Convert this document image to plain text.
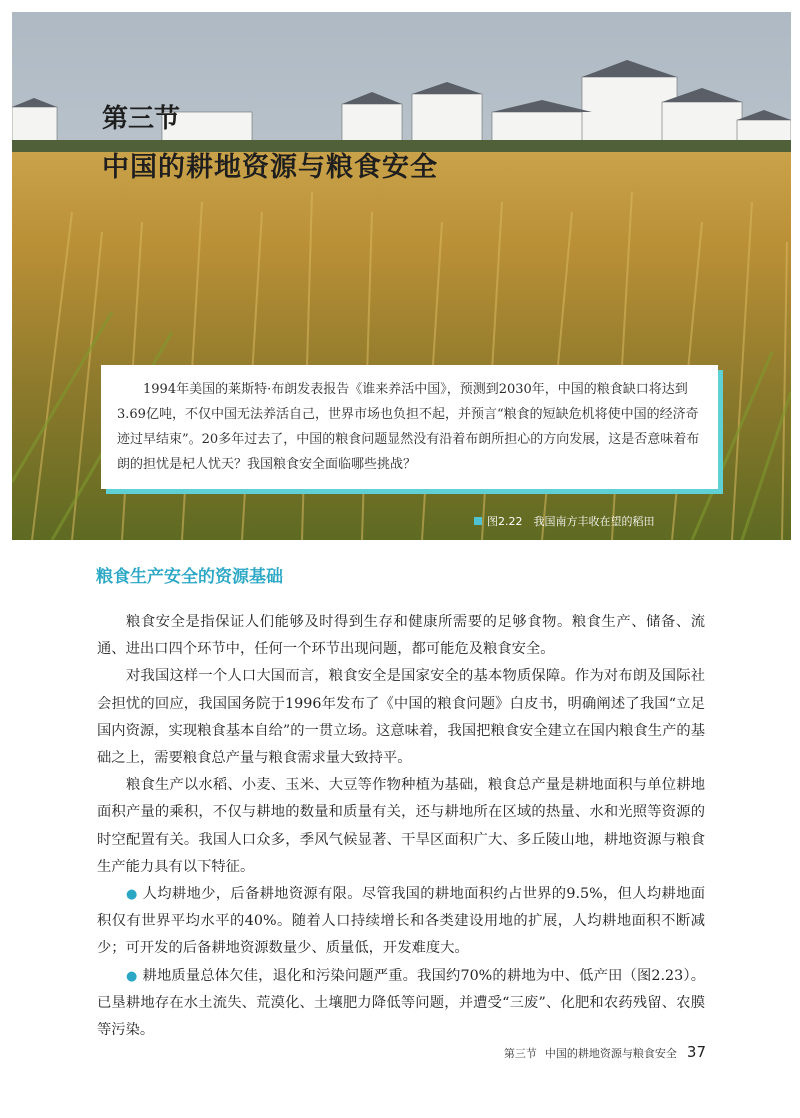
第三节
中国的耕地资源与粮食安全
1994年美国的莱斯特·布朗发表报告《谁来养活中国》，预测到2030年，中国的粮食缺口将达到3.69亿吨，不仅中国无法养活自己，世界市场也负担不起，并预言“粮食的短缺危机将使中国的经济奇迹过早结束”。20多年过去了，中国的粮食问题显然没有沿着布朗所担心的方向发展，这是否意味着布朗的担忧是杞人忧天？我国粮食安全面临哪些挑战？
图2.22　我国南方丰收在望的稻田
粮食生产安全的资源基础

粮食安全是指保证人们能够及时得到生存和健康所需要的足够食物。粮食生产、储备、流通、进出口四个环节中，任何一个环节出现问题，都可能危及粮食安全。

对我国这样一个人口大国而言，粮食安全是国家安全的基本物质保障。作为对布朗及国际社会担忧的回应，我国国务院于1996年发布了《中国的粮食问题》白皮书，明确阐述了我国“立足国内资源，实现粮食基本自给”的一贯立场。这意味着，我国把粮食安全建立在国内粮食生产的基础之上，需要粮食总产量与粮食需求量大致持平。

粮食生产以水稻、小麦、玉米、大豆等作物种植为基础，粮食总产量是耕地面积与单位耕地面积产量的乘积，不仅与耕地的数量和质量有关，还与耕地所在区域的热量、水和光照等资源的时空配置有关。我国人口众多，季风气候显著、干旱区面积广大、多丘陵山地，耕地资源与粮食生产能力具有以下特征。

● 人均耕地少，后备耕地资源有限。尽管我国的耕地面积约占世界的9.5%，但人均耕地面积仅有世界平均水平的40%。随着人口持续增长和各类建设用地的扩展，人均耕地面积不断减少；可开发的后备耕地资源数量少、质量低，开发难度大。

● 耕地质量总体欠佳，退化和污染问题严重。我国约70%的耕地为中、低产田（图2.23）。已垦耕地存在水土流失、荒漠化、土壤肥力降低等问题，并遭受“三废”、化肥和农药残留、农膜等污染。

第三节 中国的耕地资源与粮食安全 37
